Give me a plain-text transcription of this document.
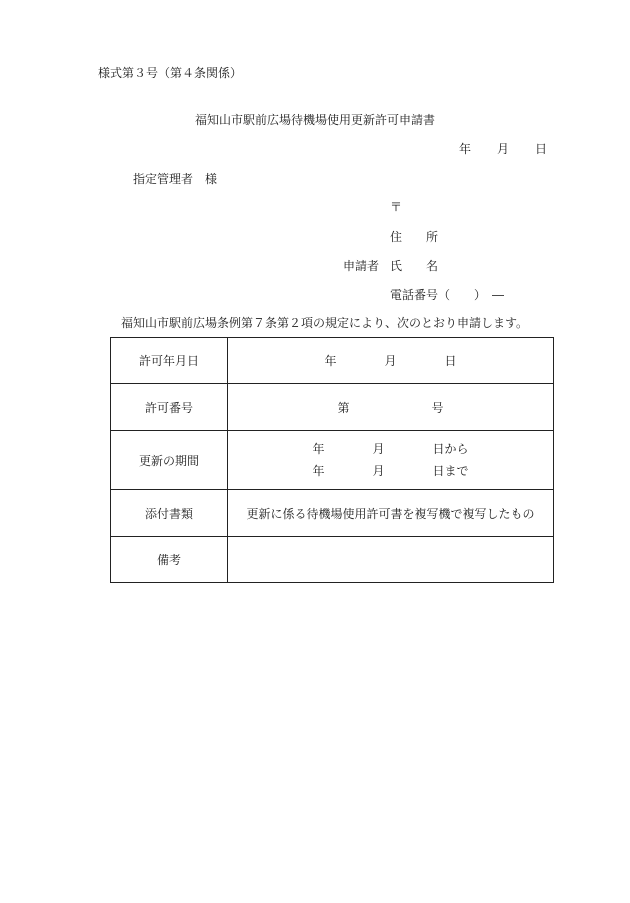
様式第３号（第４条関係）
福知山市駅前広場待機場使用更新許可申請書
年 月 日
指定管理者　様
〒
住　　所
申請者 氏　　名
電話番号（　　）　―
福知山市駅前広場条例第７条第２項の規定により、次のとおり申請します。
許可年月日	年 月 日
許可番号	第 号
更新の期間	年 月 日から
年 月 日まで

添付書類	更新に係る待機場使用許可書を複写機で複写したもの
備考	
